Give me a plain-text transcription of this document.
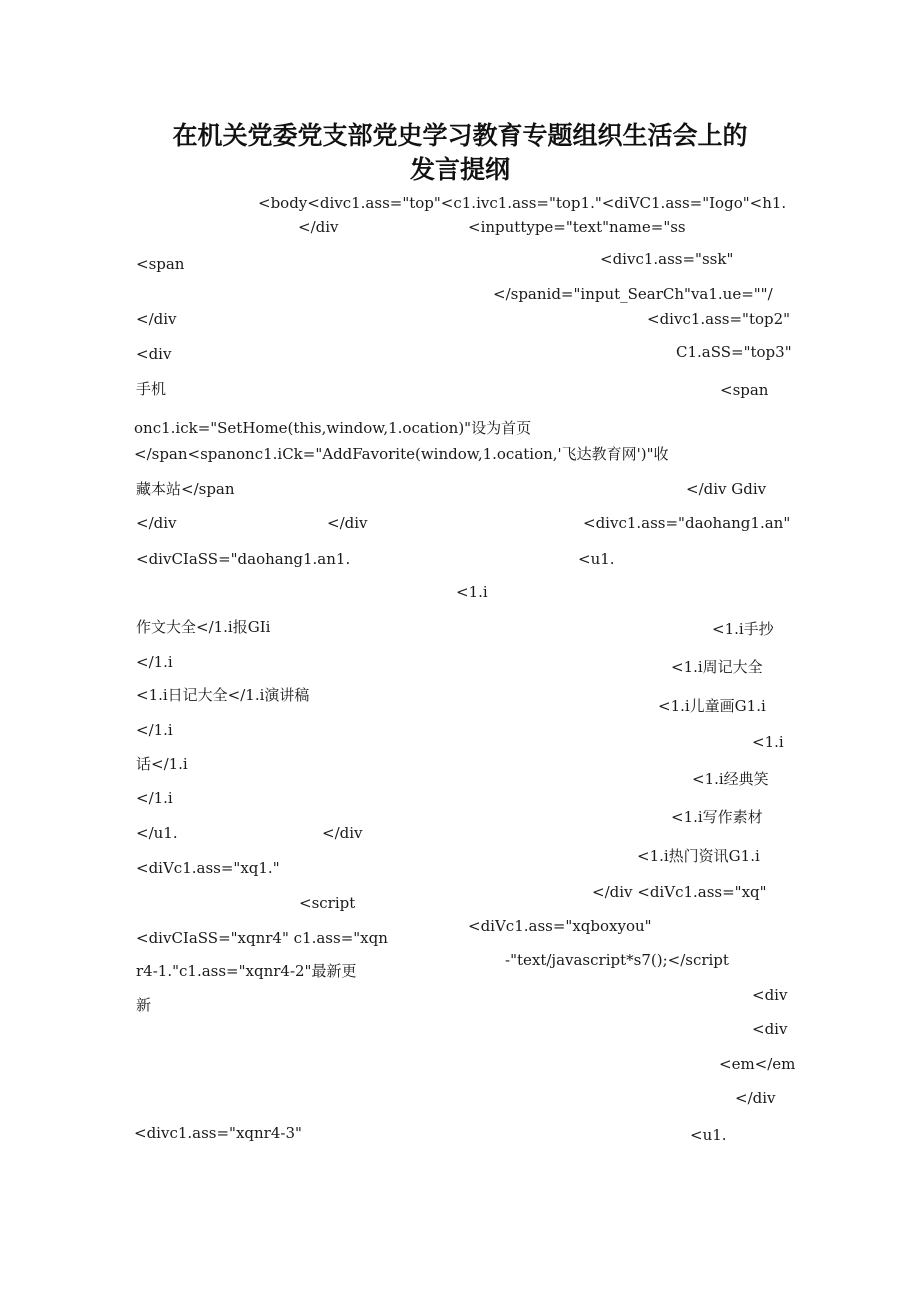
在机关党委党支部党史学习教育专题组织生活会上的
发言提纲
<body<divc1.ass="top"<c1.ivc1.ass="top1."<diVC1.ass="Iogo"<h1.
</div	<inputtype="text"name="ss
<span	<divc1.ass="ssk"
</spanid="input_SearCh"va1.ue=""/
</div	<divc1.ass="top2"
<div	C1.aSS="top3"
手机	<span
onc1.ick="SetHome(this,window,1.ocation)"设为首页
</span<spanonc1.iCk="AddFavorite(window,1.ocation,'飞达教育网')"收
藏本站</span	</div Gdiv
</div	</div	<divc1.ass="daohang1.an"
<divCIaSS="daohang1.an1.	<u1.
<1.i
作文大全</1.i报GIi	<1.i手抄
</1.i	<1.i周记大全
<1.i日记大全</1.i演讲稿
<1.i儿童画G1.i
</1.i
<1.i
话</1.i
<1.i经典笑
</1.i
<1.i写作素材
</u1.	</div
<1.i热门资讯G1.i
<diVc1.ass="xq1."
</div <diVc1.ass="xq"
<script
<diVc1.ass="xqboxyou"
<divCIaSS="xqnr4" c1.ass="xqn
-"text/javascript*s7();</script
r4-1."c1.ass="xqnr4-2"最新更
<div
新
<div
<em</em
</div
<divc1.ass="xqnr4-3"	<u1.
